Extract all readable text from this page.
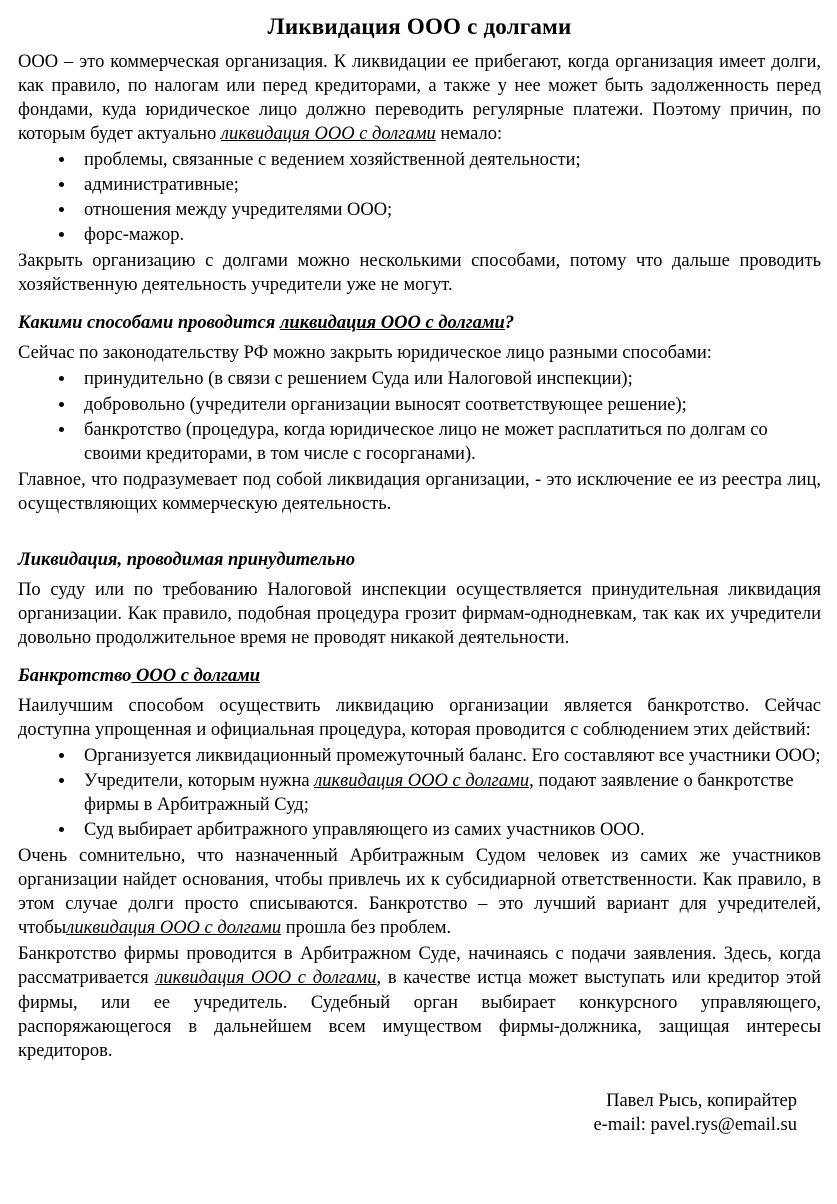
Ликвидация ООО с долгами

ООО – это коммерческая организация. К ликвидации ее прибегают, когда организация имеет долги, как правило, по налогам или перед кредиторами, а также у нее может быть задолженность перед фондами, куда юридическое лицо должно переводить регулярные платежи. Поэтому причин, по которым будет актуально ликвидация ООО с долгами немало:

• проблемы, связанные с ведением хозяйственной деятельности;
• административные;
• отношения между учредителями ООО;
• форс-мажор.

Закрыть организацию с долгами можно несколькими способами, потому что дальше проводить хозяйственную деятельность учредители уже не могут.

Какими способами проводится ликвидация ООО с долгами?

Сейчас по законодательству РФ можно закрыть юридическое лицо разными способами:

• принудительно (в связи с решением Суда или Налоговой инспекции);
• добровольно (учредители организации выносят соответствующее решение);
• банкротство (процедура, когда юридическое лицо не может расплатиться по долгам со своими кредиторами, в том числе с госорганами).

Главное, что подразумевает под собой ликвидация организации, - это исключение ее из реестра лиц, осуществляющих коммерческую деятельность.

Ликвидация, проводимая принудительно

По суду или по требованию Налоговой инспекции осуществляется принудительная ликвидация организации. Как правило, подобная процедура грозит фирмам-однодневкам, так как их учредители довольно продолжительное время не проводят никакой деятельности.

Банкротство ООО с долгами

Наилучшим способом осуществить ликвидацию организации является банкротство. Сейчас доступна упрощенная и официальная процедура, которая проводится с соблюдением этих действий:

• Организуется ликвидационный промежуточный баланс. Его составляют все участники ООО;
• Учредители, которым нужна ликвидация ООО с долгами, подают заявление о банкротстве фирмы в Арбитражный Суд;
• Суд выбирает арбитражного управляющего из самих участников ООО.

Очень сомнительно, что назначенный Арбитражным Судом человек из самих же участников организации найдет основания, чтобы привлечь их к субсидиарной ответственности. Как правило, в этом случае долги просто списываются. Банкротство – это лучший вариант для учредителей, чтобыликвидация ООО с долгами прошла без проблем.

Банкротство фирмы проводится в Арбитражном Суде, начинаясь с подачи заявления. Здесь, когда рассматривается ликвидация ООО с долгами, в качестве истца может выступать или кредитор этой фирмы, или ее учредитель. Судебный орган выбирает конкурсного управляющего, распоряжающегося в дальнейшем всем имуществом фирмы-должника, защищая интересы кредиторов.

Павел Рысь, копирайтер
e-mail: pavel.rys@email.su
